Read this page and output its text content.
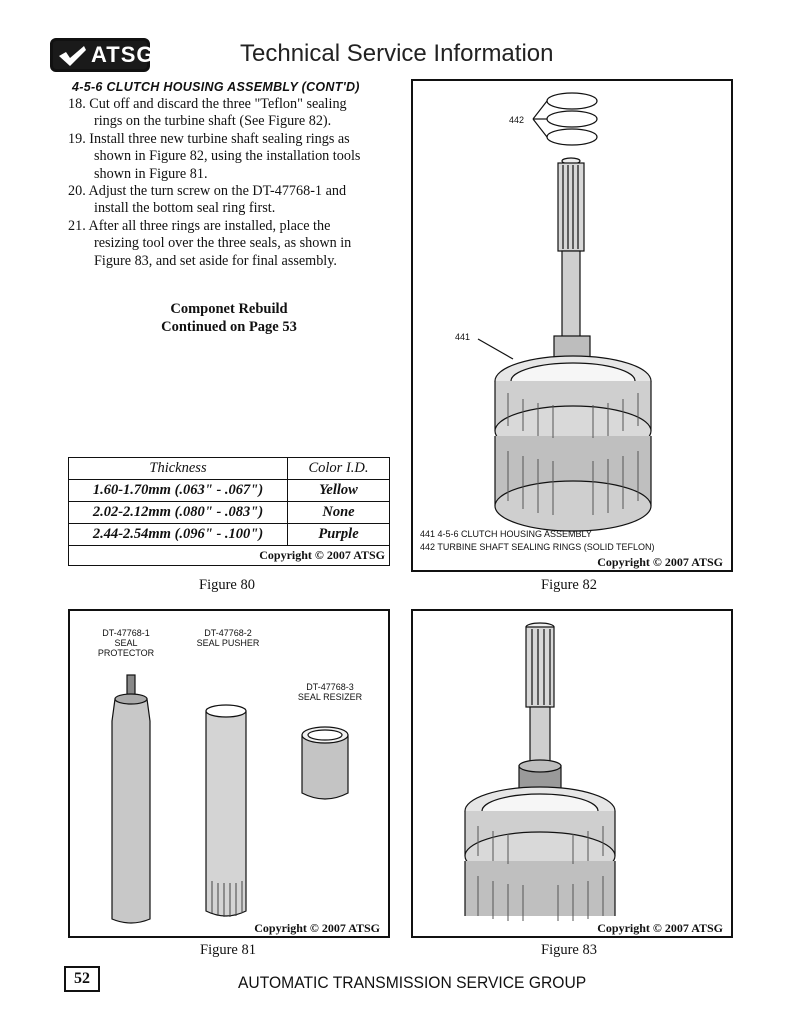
ATSG	Technical Service Information
4-5-6 CLUTCH HOUSING ASSEMBLY (CONT'D)

18. Cut off and discard the three "Teflon" sealing rings on the turbine shaft (See Figure 82).

19. Install three new turbine shaft sealing rings as shown in Figure 82, using the installation tools shown in Figure 81.

20. Adjust the turn screw on the DT-47768-1 and install the bottom seal ring first.

21. After all three rings are installed, place the resizing tool over the three seals, as shown in Figure 83, and set aside for final assembly.

Componet Rebuild
Continued on Page 53
Thickness	Color I.D.
1.60-1.70mm (.063" - .067")	Yellow
2.02-2.12mm (.080" - .083")	None
2.44-2.54mm (.096" - .100")	Purple
Copyright © 2007 ATSG	
Figure 80
442
441
441 4-5-6 CLUTCH HOUSING ASSEMBLY
442 TURBINE SHAFT SEALING RINGS (SOLID TEFLON)
Copyright © 2007 ATSG
Figure 82
DT-47768-1
SEAL PROTECTOR
DT-47768-2
SEAL PUSHER
DT-47768-3
SEAL RESIZER
Copyright © 2007 ATSG
Figure 81
Copyright © 2007 ATSG
Figure 83
52	AUTOMATIC TRANSMISSION SERVICE GROUP
